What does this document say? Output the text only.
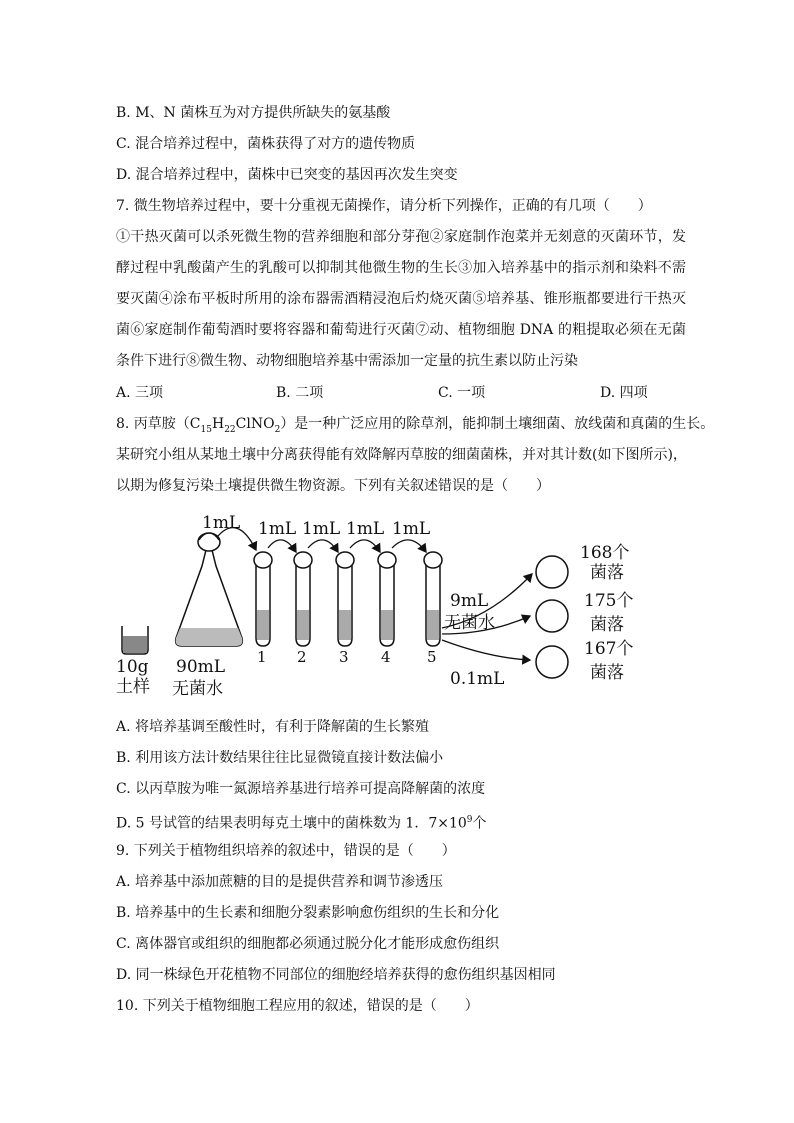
B. M、N 菌株互为对方提供所缺失的氨基酸
C. 混合培养过程中，菌株获得了对方的遗传物质
D. 混合培养过程中，菌株中已突变的基因再次发生突变
7. 微生物培养过程中，要十分重视无菌操作，请分析下列操作，正确的有几项（　　）
①干热灭菌可以杀死微生物的营养细胞和部分芽孢②家庭制作泡菜并无刻意的灭菌环节，发酵过程中乳酸菌产生的乳酸可以抑制其他微生物的生长③加入培养基中的指示剂和染料不需要灭菌④涂布平板时所用的涂布器需酒精浸泡后灼烧灭菌⑤培养基、锥形瓶都要进行干热灭菌⑥家庭制作葡萄酒时要将容器和葡萄进行灭菌⑦动、植物细胞 DNA 的粗提取必须在无菌条件下进行⑧微生物、动物细胞培养基中需添加一定量的抗生素以防止污染
A. 三项	B. 二项	C. 一项	D. 四项
8. 丙草胺$(C_{15}H_{22}ClNO_2)$是一种广泛应用的除草剂，能抑制土壤细菌、放线菌和真菌的生长。
某研究小组从某地土壤中分离获得能有效降解丙草胺的细菌菌株，并对其计数(如下图所示)，
以期为修复污染土壤提供微生物资源。下列有关叙述错误的是（　　）
1mL 1mL 1mL 1mL 1mL
10g
土样
90mL
无菌水
1 2 3 4 5
9mL
无菌水
0.1mL
168个
菌落
175个
菌落
167个
菌落
A. 将培养基调至酸性时，有利于降解菌的生长繁殖
B. 利用该方法计数结果往往比显微镜直接计数法偏小
C. 以丙草胺为唯一氮源培养基进行培养可提高降解菌的浓度
D. 5 号试管的结果表明每克土壤中的菌株数为 1．$7\times 10^9$个
9. 下列关于植物组织培养的叙述中，错误的是（　　）
A. 培养基中添加蔗糖的目的是提供营养和调节渗透压
B. 培养基中的生长素和细胞分裂素影响愈伤组织的生长和分化
C. 离体器官或组织的细胞都必须通过脱分化才能形成愈伤组织
D. 同一株绿色开花植物不同部位的细胞经培养获得的愈伤组织基因相同
10. 下列关于植物细胞工程应用的叙述，错误的是（　　）
